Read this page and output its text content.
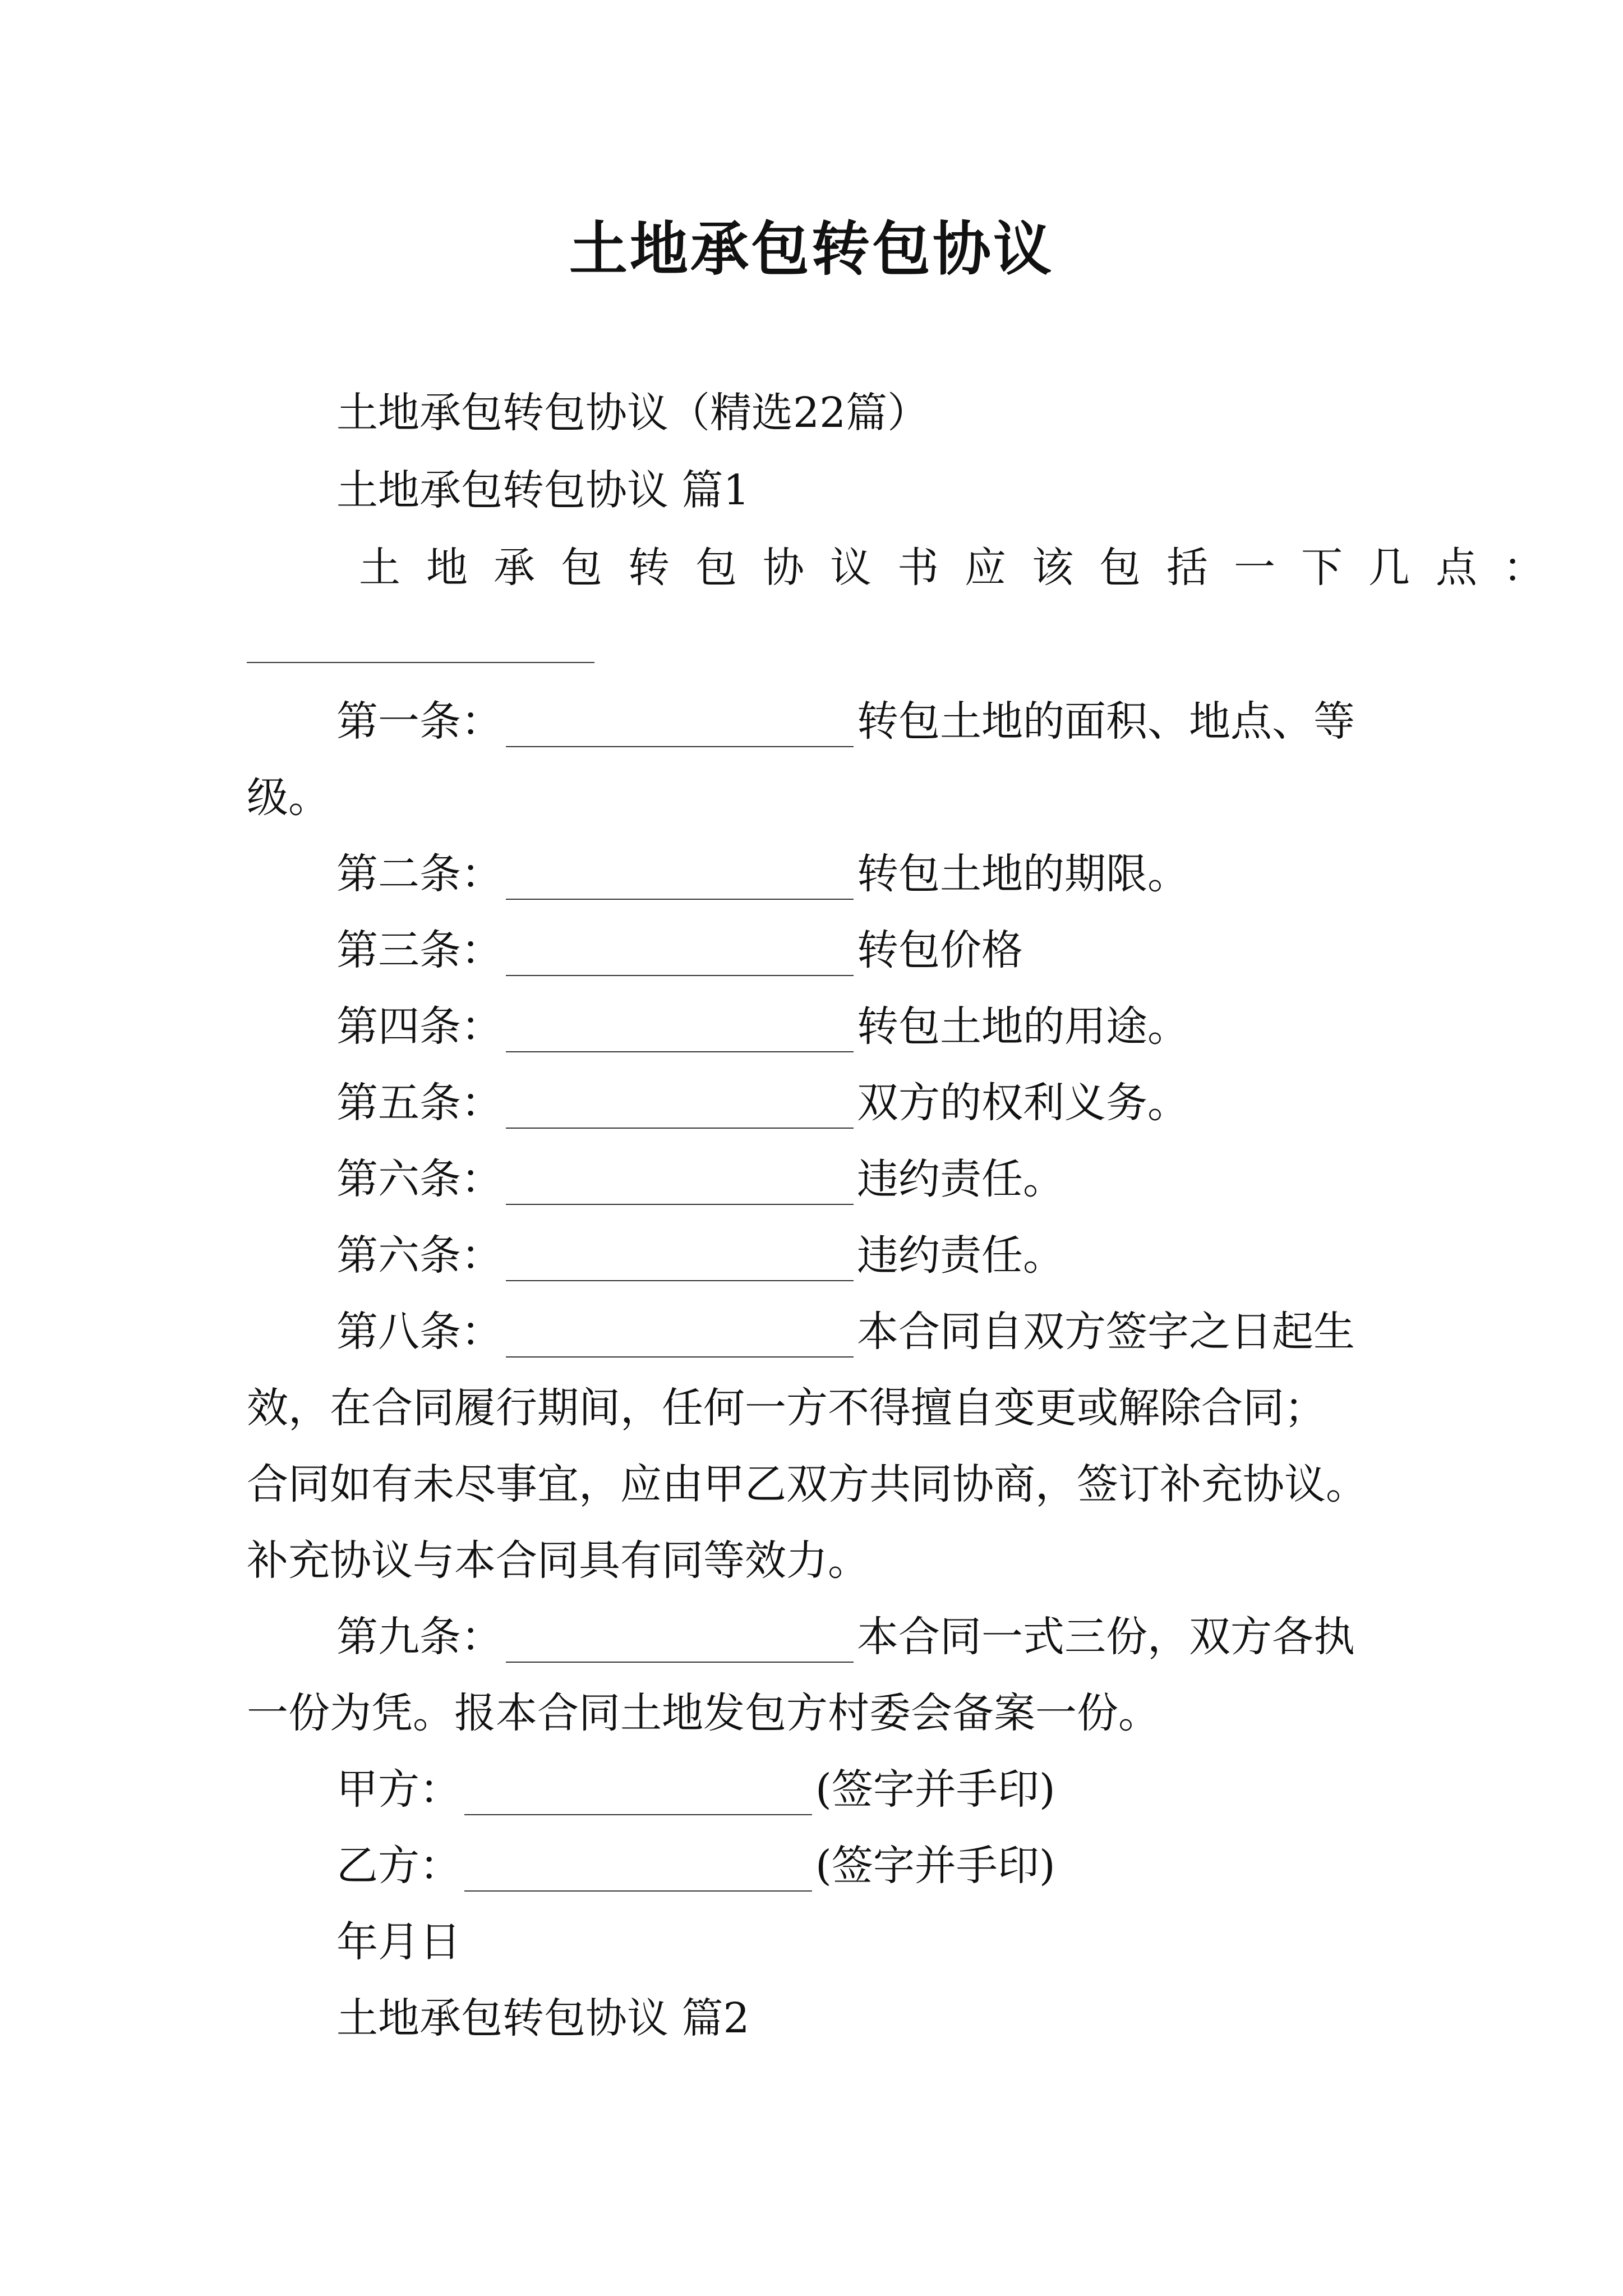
土地承包转包协议
土地承包转包协议（精选22篇）
土地承包转包协议 篇1
土地承包转包协议书应该包括一下几点：
第一条：	转包土地的面积、地点、等
级。
第二条：	转包土地的期限。
第三条：	转包价格
第四条：	转包土地的用途。
第五条：	双方的权利义务。
第六条：	违约责任。
第六条：	违约责任。
第八条：	本合同自双方签字之日起生
效，在合同履行期间，任何一方不得擅自变更或解除合同；
合同如有未尽事宜，应由甲乙双方共同协商，签订补充协议。
补充协议与本合同具有同等效力。
第九条：	本合同一式三份，双方各执
一份为凭。报本合同土地发包方村委会备案一份。
甲方：	(签字并手印)
乙方：	(签字并手印)
年月日
土地承包转包协议 篇2
